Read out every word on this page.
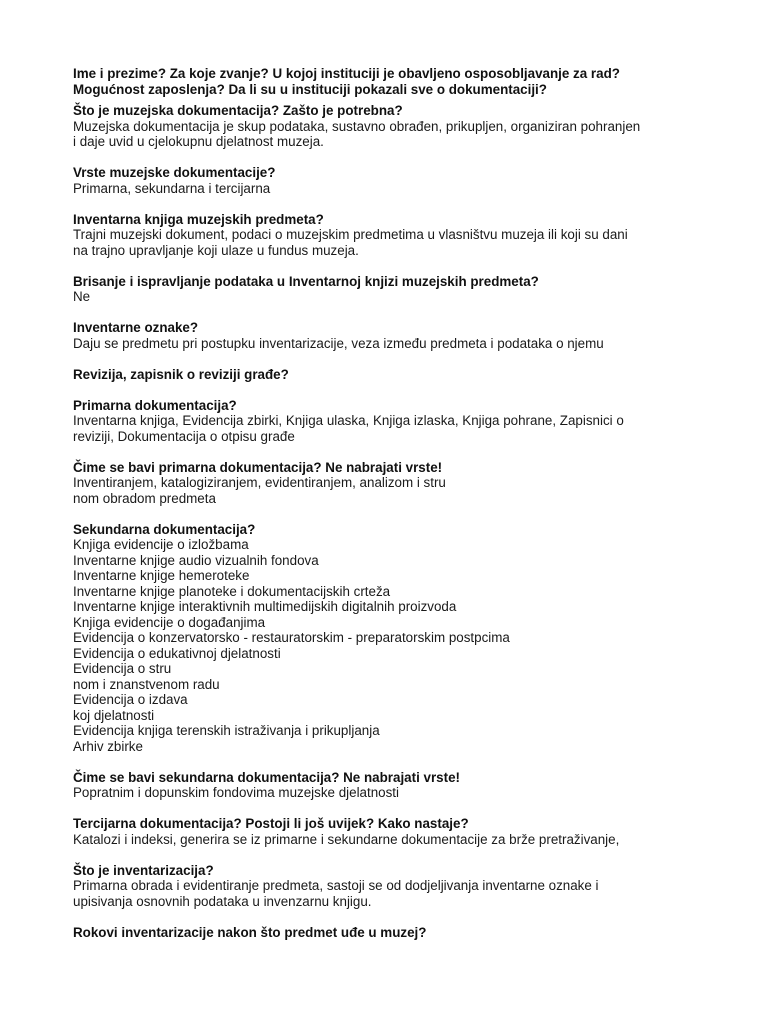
Ime i prezime? Za koje zvanje? U kojoj instituciji je obavljeno osposobljavanje za rad?
Mogućnost zaposlenja? Da li su u instituciji pokazali sve o dokumentaciji?
Što je muzejska dokumentacija? Zašto je potrebna?
Muzejska dokumentacija je skup podataka, sustavno obrađen, prikupljen, organiziran pohranjen
i daje uvid u cjelokupnu djelatnost muzeja.
Vrste muzejske dokumentacije?
Primarna, sekundarna i tercijarna
Inventarna knjiga muzejskih predmeta?
Trajni muzejski dokument, podaci o muzejskim predmetima u vlasništvu muzeja ili koji su dani
na trajno upravljanje koji ulaze u fundus muzeja.
Brisanje i ispravljanje podataka u Inventarnoj knjizi muzejskih predmeta?
Ne
Inventarne oznake?
Daju se predmetu pri postupku inventarizacije, veza između predmeta i podataka o njemu
Revizija, zapisnik o reviziji građe?
Primarna dokumentacija?
Inventarna knjiga, Evidencija zbirki, Knjiga ulaska, Knjiga izlaska, Knjiga pohrane, Zapisnici o
reviziji, Dokumentacija o otpisu građe
Čime se bavi primarna dokumentacija? Ne nabrajati vrste!
Inventiranjem, katalogiziranjem, evidentiranjem, analizom i stru
nom obradom predmeta
Sekundarna dokumentacija?
Knjiga evidencije o izložbama
Inventarne knjige audio vizualnih fondova
Inventarne knjige hemeroteke
Inventarne knjige planoteke i dokumentacijskih crteža
Inventarne knjige interaktivnih multimedijskih digitalnih proizvoda
Knjiga evidencije o događanjima
Evidencija o konzervatorsko - restauratorskim - preparatorskim postpcima
Evidencija o edukativnoj djelatnosti
Evidencija o stru
nom i znanstvenom radu
Evidencija o izdava
koj djelatnosti
Evidencija knjiga terenskih istraživanja i prikupljanja
Arhiv zbirke
Čime se bavi sekundarna dokumentacija? Ne nabrajati vrste!
Popratnim i dopunskim fondovima muzejske djelatnosti
Tercijarna dokumentacija? Postoji li još uvijek? Kako nastaje?
Katalozi i indeksi, generira se iz primarne i sekundarne dokumentacije za brže pretraživanje,
Što je inventarizacija?
Primarna obrada i evidentiranje predmeta, sastoji se od dodjeljivanja inventarne oznake i
upisivanja osnovnih podataka u invenzarnu knjigu.
Rokovi inventarizacije nakon što predmet uđe u muzej?
